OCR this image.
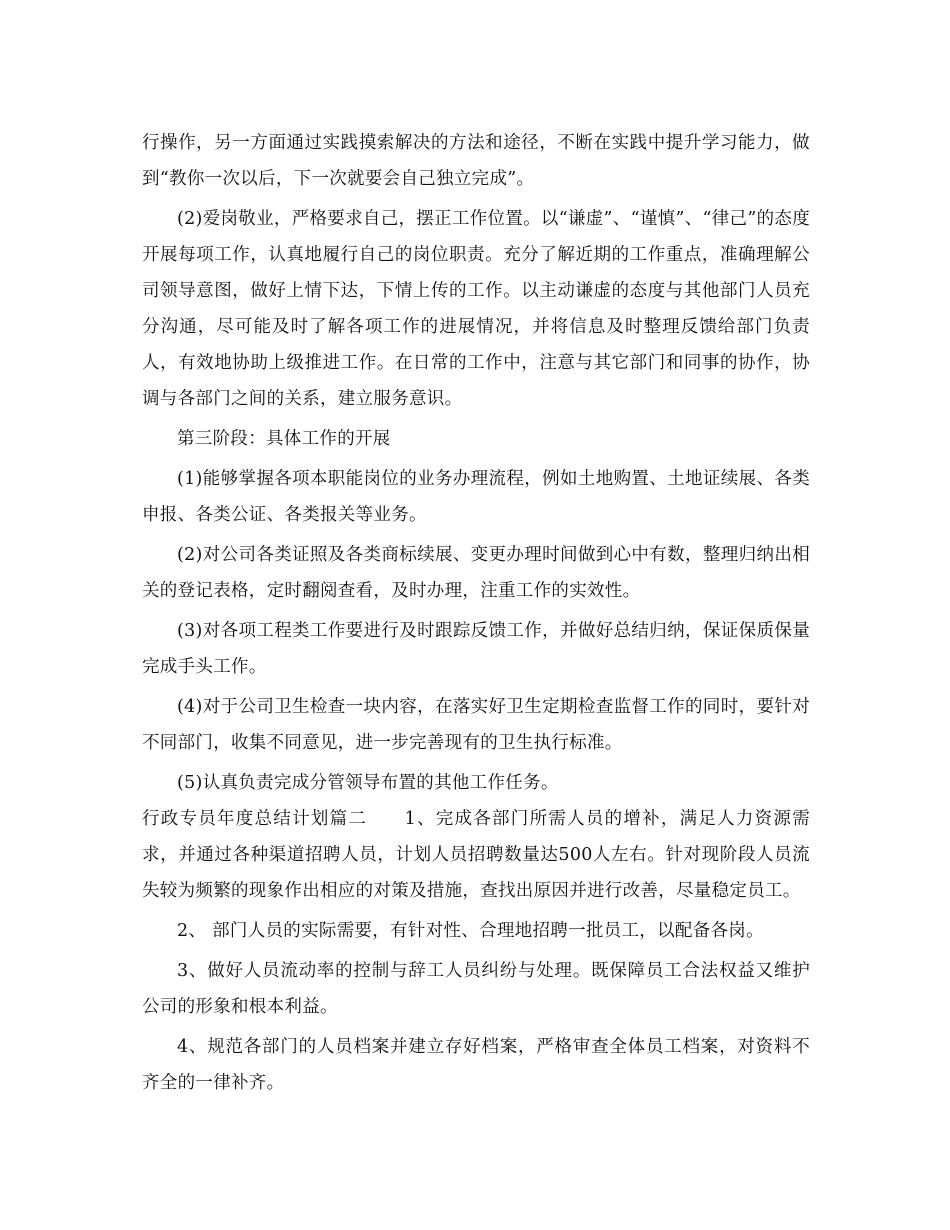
行操作，另一方面通过实践摸索解决的方法和途径，不断在实践中提升学习能力，做到“教你一次以后，下一次就要会自己独立完成”。

(2)爱岗敬业，严格要求自己，摆正工作位置。以“谦虚”、“谨慎”、“律己”的态度开展每项工作，认真地履行自己的岗位职责。充分了解近期的工作重点，准确理解公司领导意图，做好上情下达，下情上传的工作。以主动谦虚的态度与其他部门人员充分沟通，尽可能及时了解各项工作的进展情况，并将信息及时整理反馈给部门负责人，有效地协助上级推进工作。在日常的工作中，注意与其它部门和同事的协作，协调与各部门之间的关系，建立服务意识。

第三阶段：具体工作的开展

(1)能够掌握各项本职能岗位的业务办理流程，例如土地购置、土地证续展、各类申报、各类公证、各类报关等业务。

(2)对公司各类证照及各类商标续展、变更办理时间做到心中有数，整理归纳出相关的登记表格，定时翻阅查看，及时办理，注重工作的实效性。

(3)对各项工程类工作要进行及时跟踪反馈工作，并做好总结归纳，保证保质保量完成手头工作。

(4)对于公司卫生检查一块内容，在落实好卫生定期检查监督工作的同时，要针对不同部门，收集不同意见，进一步完善现有的卫生执行标准。

(5)认真负责完成分管领导布置的其他工作任务。

行政专员年度总结计划篇二　　1、完成各部门所需人员的增补，满足人力资源需求，并通过各种渠道招聘人员，计划人员招聘数量达500人左右。针对现阶段人员流失较为频繁的现象作出相应的对策及措施，查找出原因并进行改善，尽量稳定员工。

2、 部门人员的实际需要，有针对性、合理地招聘一批员工，以配备各岗。

3、做好人员流动率的控制与辞工人员纠纷与处理。既保障员工合法权益又维护公司的形象和根本利益。

4、规范各部门的人员档案并建立存好档案，严格审查全体员工档案，对资料不齐全的一律补齐。
